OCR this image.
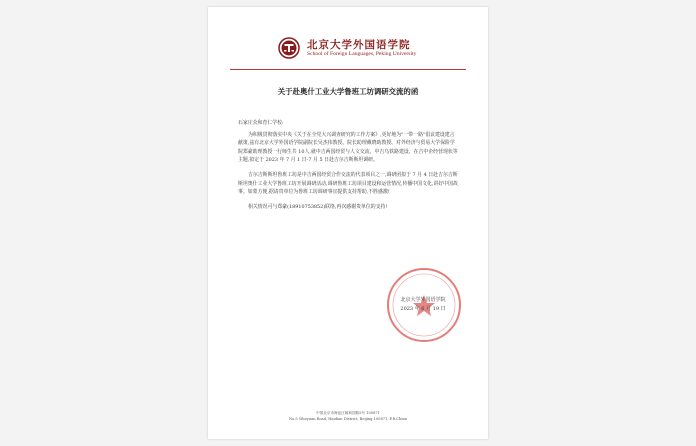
北京大学外国语学院
School of Foreign Languages, Peking University
关于赴奥什工业大学鲁班工坊调研交流的函

石家庄众和育仁学校:

为积极贯彻落实中央《关于在全党大兴调查研究的工作方案》,更好地为"一带一路"倡议建设建言献策,兹有北京大学外国语学院副院长吴杰伟教授、院长助理戴晓助教授、对外经济与贸易大学保险学院郑豪助理教授一行师生共 10人,就中吉两国经贸与人文交流、中吉乌铁路建设、在吉中企经营现状等主题,拟定于 2023 年 7 月 1 日-7 月 5 日赴吉尔吉斯斯坦调研。

吉尔吉斯斯坦鲁班工坊是中吉两国经贸合作交流的代表项目之一,调研团拟于 7 月 4 日赴吉尔吉斯斯坦奥什工业大学鲁班工坊开展调研活动,调研鲁班工坊项目建设和运营情况,传播中国文化,讲好中国故事。如蒙方便,据请贵单位为鲁班工坊调研事宜提供支持帮助,不胜感激!

相关情况可与郑豪(18910753852)联络,再次感谢贵单位的支持!

北京大学外国语学院
2023 年 6 月 19 日
中国北京市海淀区颐和园路5号 100871
No.5 Yiheyuan Road, Haidian District, Beijing 100871, P.R.China
